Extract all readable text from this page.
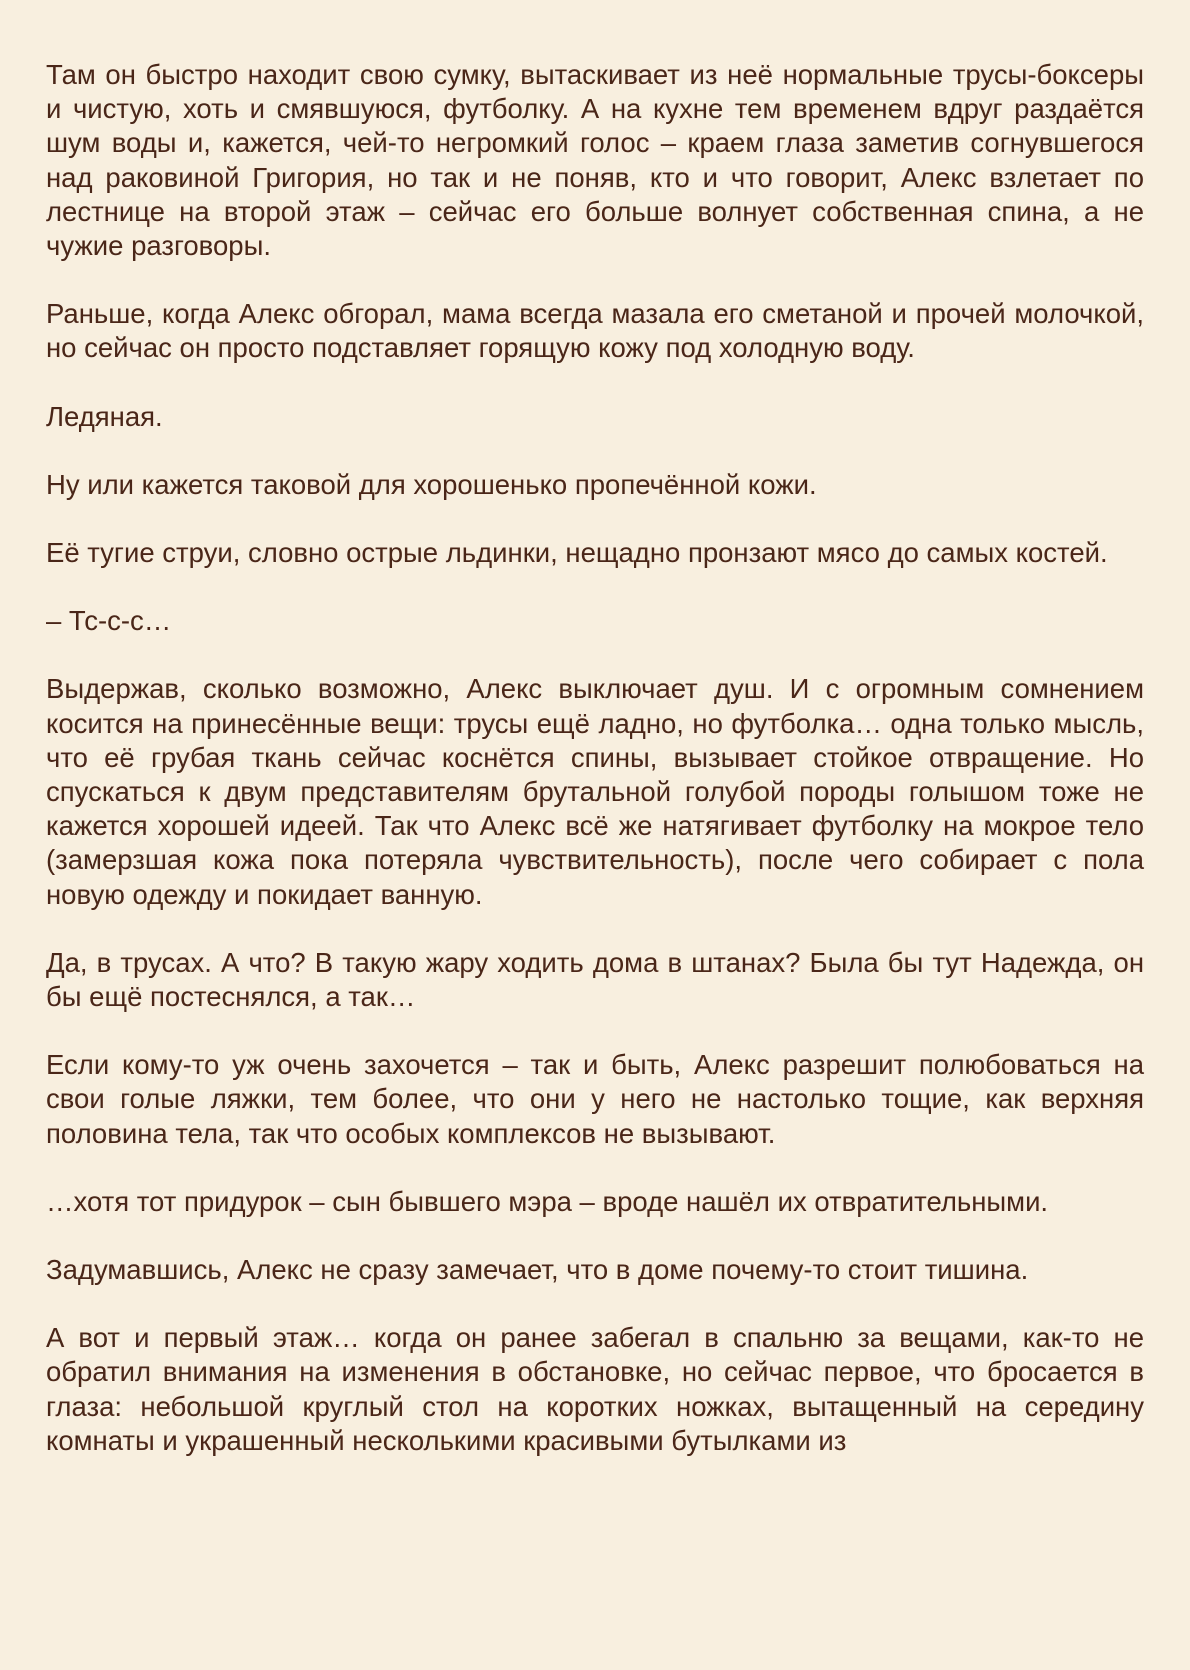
Там он быстро находит свою сумку, вытаскивает из неё нормальные трусы-боксеры и чистую, хоть и смявшуюся, футболку. А на кухне тем временем вдруг раздаётся шум воды и, кажется, чей-то негромкий голос – краем глаза заметив согнувшегося над раковиной Григория, но так и не поняв, кто и что говорит, Алекс взлетает по лестнице на второй этаж – сейчас его больше волнует собственная спина, а не чужие разговоры.

Раньше, когда Алекс обгорал, мама всегда мазала его сметаной и прочей молочкой, но сейчас он просто подставляет горящую кожу под холодную воду.

Ледяная.

Ну или кажется таковой для хорошенько пропечённой кожи.

Её тугие струи, словно острые льдинки, нещадно пронзают мясо до самых костей.

– Тс-с-с…

Выдержав, сколько возможно, Алекс выключает душ. И с огромным сомнением косится на принесённые вещи: трусы ещё ладно, но футболка… одна только мысль, что её грубая ткань сейчас коснётся спины, вызывает стойкое отвращение. Но спускаться к двум представителям брутальной голубой породы голышом тоже не кажется хорошей идеей. Так что Алекс всё же натягивает футболку на мокрое тело (замерзшая кожа пока потеряла чувствительность), после чего собирает с пола новую одежду и покидает ванную.

Да, в трусах. А что? В такую жару ходить дома в штанах? Была бы тут Надежда, он бы ещё постеснялся, а так…

Если кому-то уж очень захочется – так и быть, Алекс разрешит полюбоваться на свои голые ляжки, тем более, что они у него не настолько тощие, как верхняя половина тела, так что особых комплексов не вызывают.

…хотя тот придурок – сын бывшего мэра – вроде нашёл их отвратительными.

Задумавшись, Алекс не сразу замечает, что в доме почему-то стоит тишина.

А вот и первый этаж… когда он ранее забегал в спальню за вещами, как-то не обратил внимания на изменения в обстановке, но сейчас первое, что бросается в глаза: небольшой круглый стол на коротких ножках, вытащенный на середину комнаты и украшенный несколькими красивыми бутылками из
